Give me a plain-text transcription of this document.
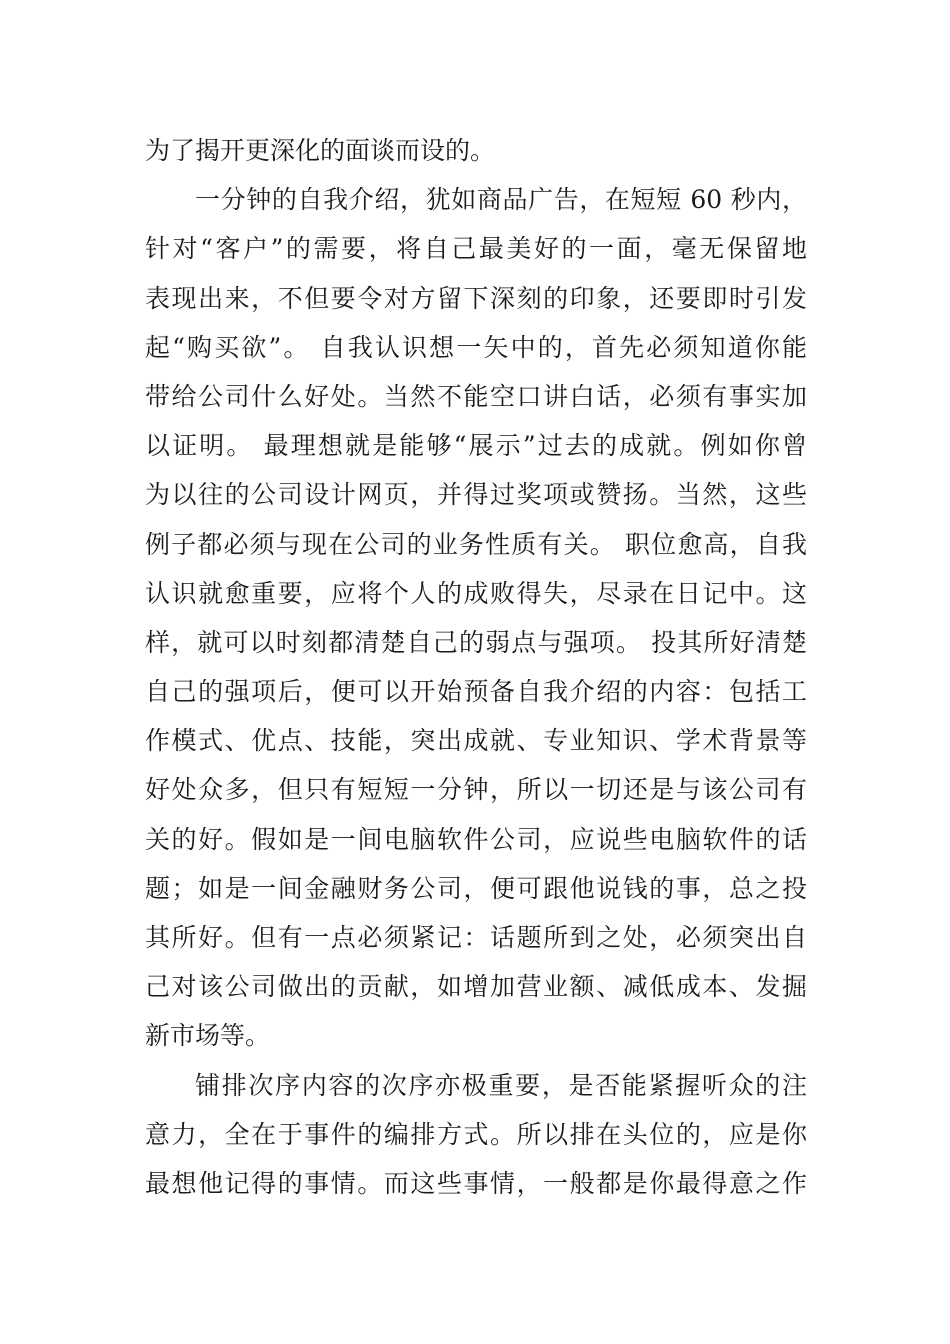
为了揭开更深化的面谈而设的。
一分钟的自我介绍，犹如商品广告，在短短 60 秒内，
针对“客户”的需要，将自己最美好的一面，毫无保留地
表现出来，不但要令对方留下深刻的印象，还要即时引发
起“购买欲”。 自我认识想一矢中的，首先必须知道你能
带给公司什么好处。当然不能空口讲白话，必须有事实加
以证明。 最理想就是能够“展示”过去的成就。例如你曾
为以往的公司设计网页，并得过奖项或赞扬。当然，这些
例子都必须与现在公司的业务性质有关。 职位愈高，自我
认识就愈重要，应将个人的成败得失，尽录在日记中。这
样，就可以时刻都清楚自己的弱点与强项。 投其所好清楚
自己的强项后，便可以开始预备自我介绍的内容：包括工
作模式、优点、技能，突出成就、专业知识、学术背景等
好处众多，但只有短短一分钟，所以一切还是与该公司有
关的好。假如是一间电脑软件公司，应说些电脑软件的话
题；如是一间金融财务公司，便可跟他说钱的事，总之投
其所好。但有一点必须紧记：话题所到之处，必须突出自
己对该公司做出的贡献，如增加营业额、减低成本、发掘
新市场等。
铺排次序内容的次序亦极重要，是否能紧握听众的注
意力，全在于事件的编排方式。所以排在头位的，应是你
最想他记得的事情。而这些事情，一般都是你最得意之作
